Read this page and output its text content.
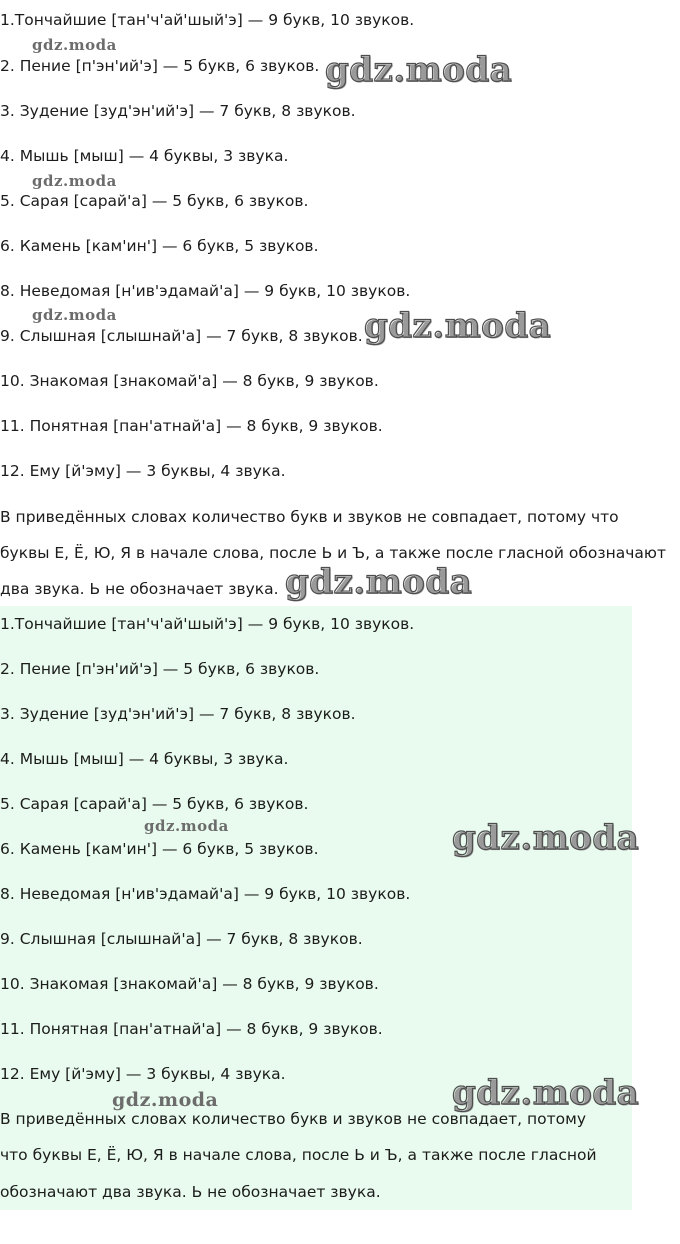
1.Тончайшие [тан'ч'ай'шый'э] — 9 букв, 10 звуков.
2. Пение [п'эн'ий'э] — 5 букв, 6 звуков.
3. Зудение [зуд'эн'ий'э] — 7 букв, 8 звуков.
4. Мышь [мыш] — 4 буквы, 3 звука.
5. Сарая [сарай'а] — 5 букв, 6 звуков.
6. Камень [кам'ин'] — 6 букв, 5 звуков.
8. Неведомая [н'ив'эдамай'а] — 9 букв, 10 звуков.
9. Слышная [слышнай'а] — 7 букв, 8 звуков.
10. Знакомая [знакомай'а] — 8 букв, 9 звуков.
11. Понятная [пан'атнай'а] — 8 букв, 9 звуков.
12. Ему [й'эму] — 3 буквы, 4 звука.
В приведённых словах количество букв и звуков не совпадает, потому что
буквы Е, Ё, Ю, Я в начале слова, после Ь и Ъ, а также после гласной обозначают
два звука. Ь не обозначает звука.
1.Тончайшие [тан'ч'ай'шый'э] — 9 букв, 10 звуков.
2. Пение [п'эн'ий'э] — 5 букв, 6 звуков.
3. Зудение [зуд'эн'ий'э] — 7 букв, 8 звуков.
4. Мышь [мыш] — 4 буквы, 3 звука.
5. Сарая [сарай'а] — 5 букв, 6 звуков.
6. Камень [кам'ин'] — 6 букв, 5 звуков.
8. Неведомая [н'ив'эдамай'а] — 9 букв, 10 звуков.
9. Слышная [слышнай'а] — 7 букв, 8 звуков.
10. Знакомая [знакомай'а] — 8 букв, 9 звуков.
11. Понятная [пан'атнай'а] — 8 букв, 9 звуков.
12. Ему [й'эму] — 3 буквы, 4 звука.
В приведённых словах количество букв и звуков не совпадает, потому
что буквы Е, Ё, Ю, Я в начале слова, после Ь и Ъ, а также после гласной
обозначают два звука. Ь не обозначает звука.
gdz.moda
gdz.moda
gdz.moda
gdz.moda	gdz.moda
gdz.moda
gdz.moda	gdz.moda
gdz.moda
gdz.moda
